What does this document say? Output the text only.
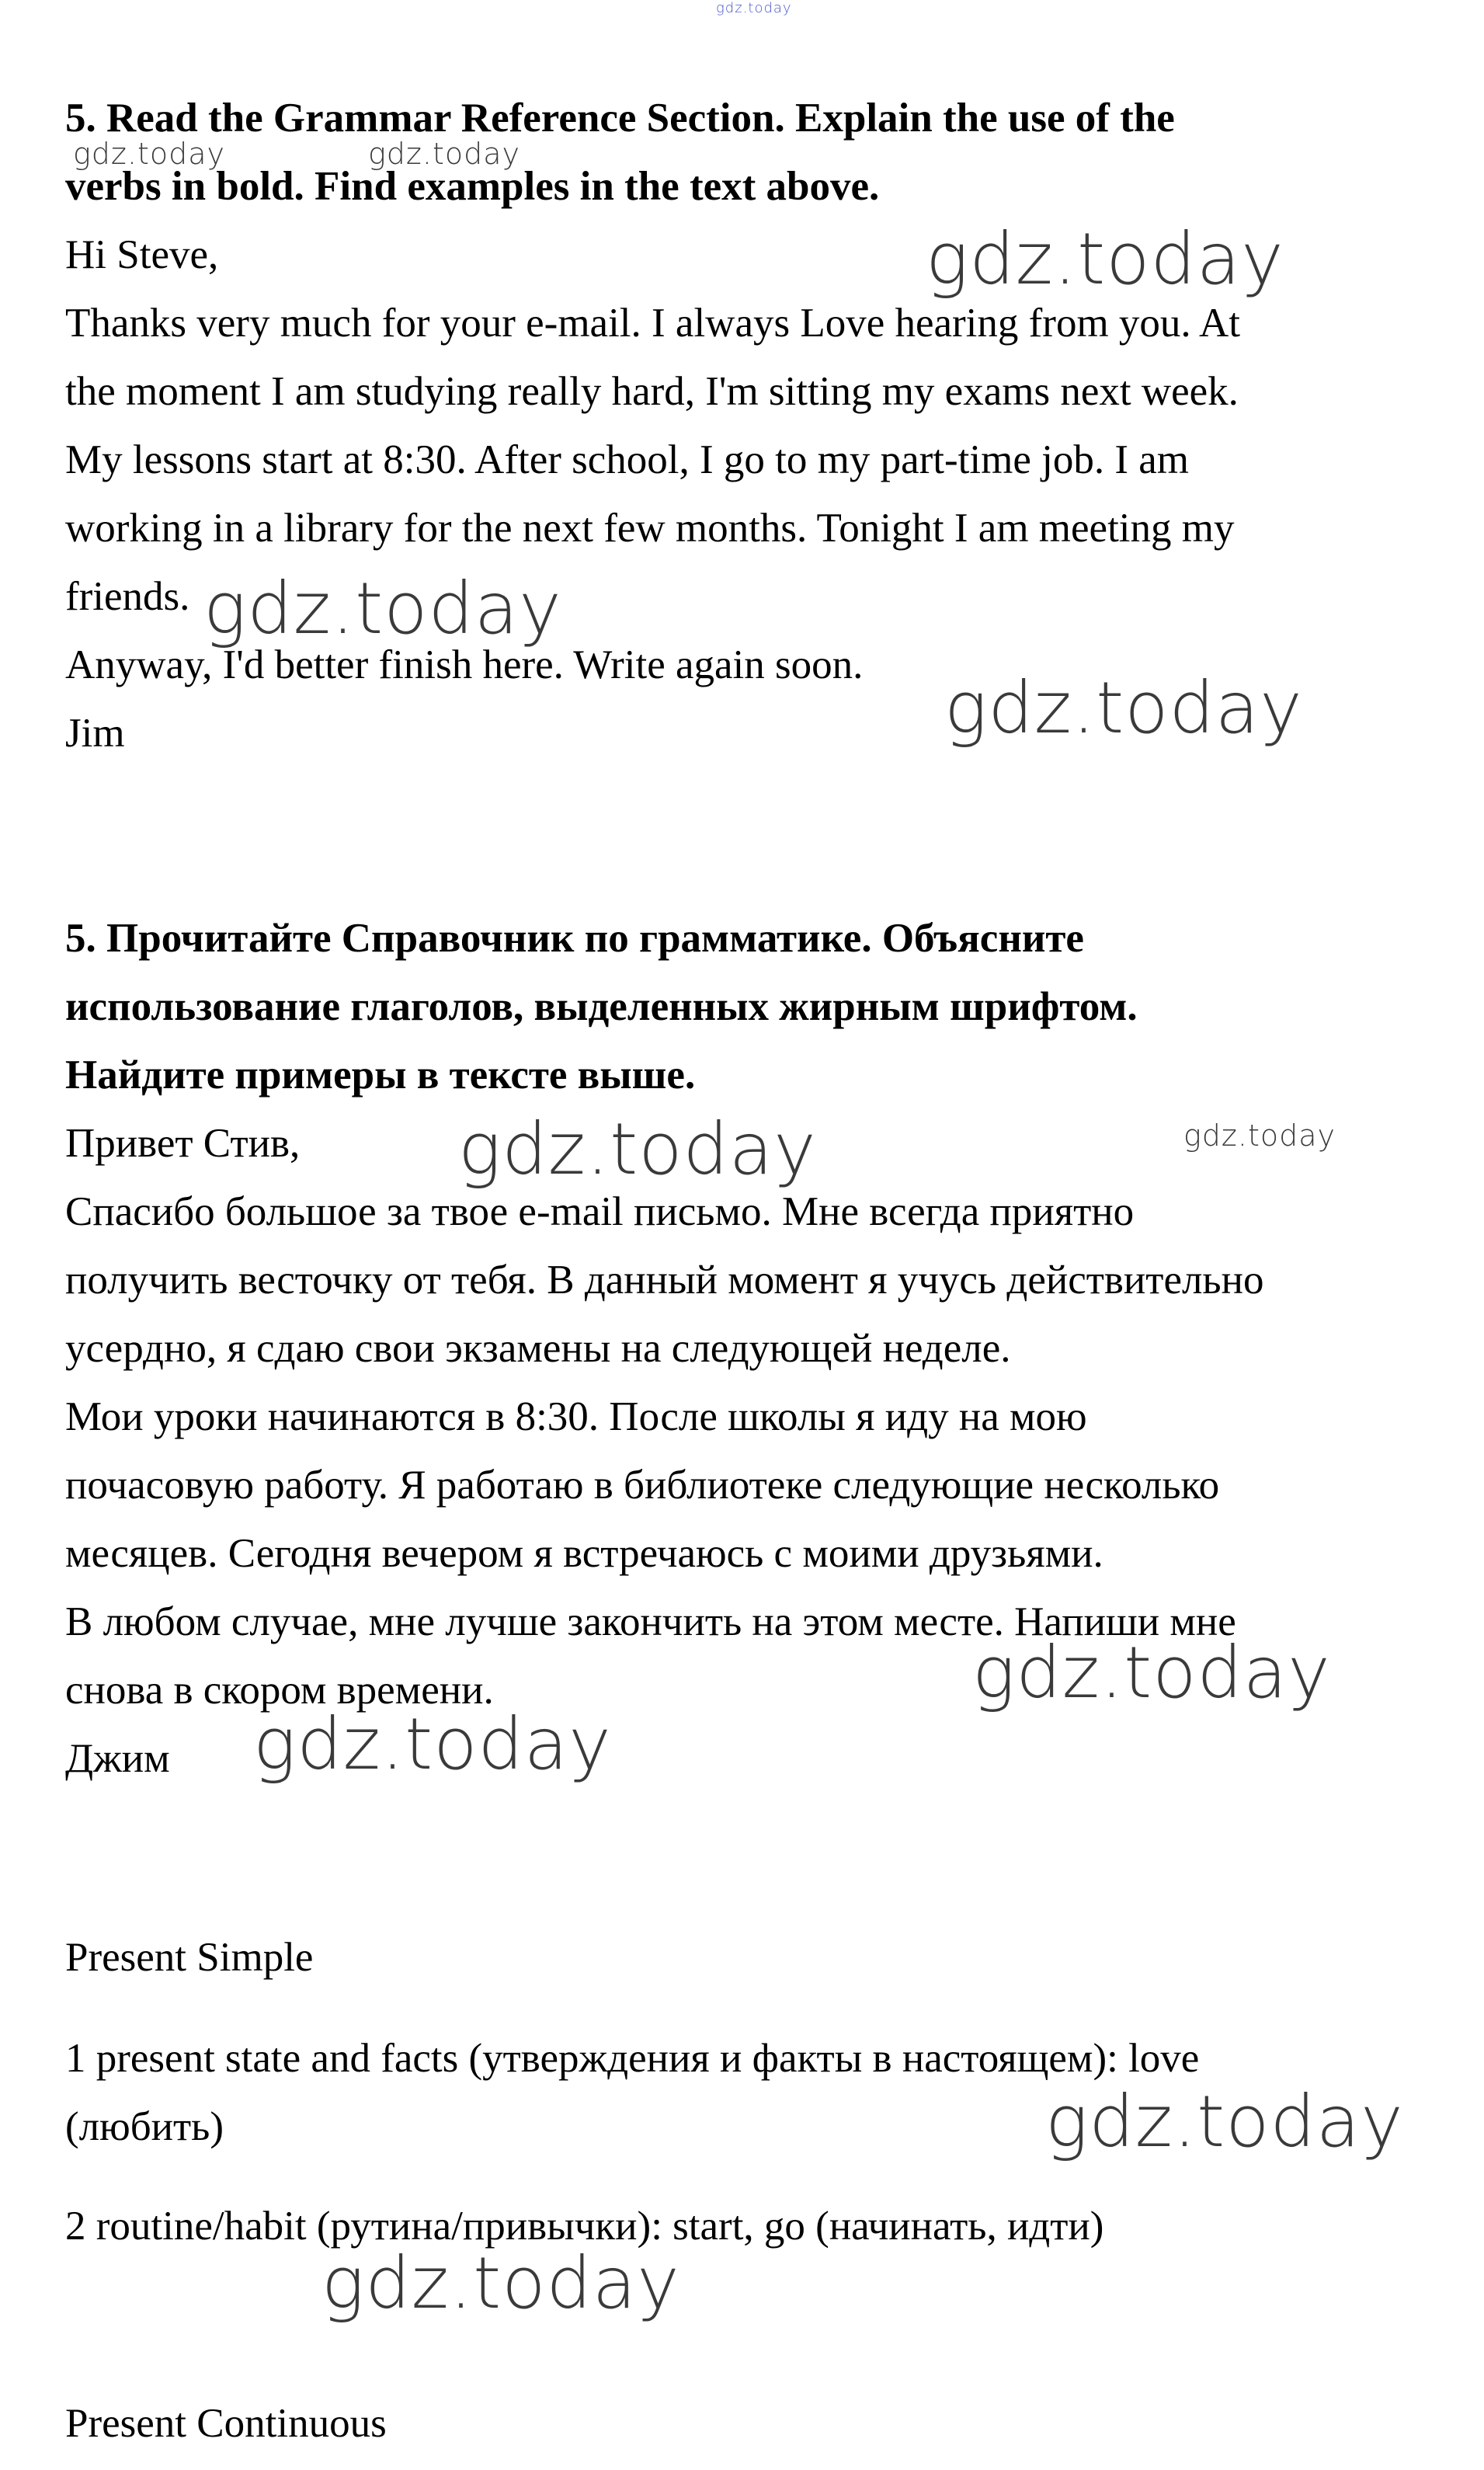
gdz.today
5. Read the Grammar Reference Section. Explain the use of the
gdz.today	gdz.today
verbs in bold. Find examples in the text above.
Hi Steve,	gdz.today
Thanks very much for your e-mail. I always Love hearing from you. At
the moment I am studying really hard, I'm sitting my exams next week.
My lessons start at 8:30. After school, I go to my part-time job. I am
working in a library for the next few months. Tonight I am meeting my
friends. gdz.today
Anyway, I'd better finish here. Write again soon.
gdz.today
Jim
5. Прочитайте Справочник по грамматике. Объясните
использование глаголов, выделенных жирным шрифтом.
Найдите примеры в тексте выше.
Привет Стив, gdz.today	gdz.today
Спасибо большое за твое e-mail письмо. Мне всегда приятно
получить весточку от тебя. В данный момент я учусь действительно
усердно, я сдаю свои экзамены на следующей неделе.
Мои уроки начинаются в 8:30. После школы я иду на мою
почасовую работу. Я работаю в библиотеке следующие несколько
месяцев. Сегодня вечером я встречаюсь с моими друзьями.
В любом случае, мне лучше закончить на этом месте. Напиши мне
gdz.today
снова в скором времени.
Джим gdz.today
Present Simple
1 present state and facts (утверждения и факты в настоящем): love
(любить)	gdz.today
2 routine/habit (рутина/привычки): start, go (начинать, идти)
gdz.today
Present Continuous
